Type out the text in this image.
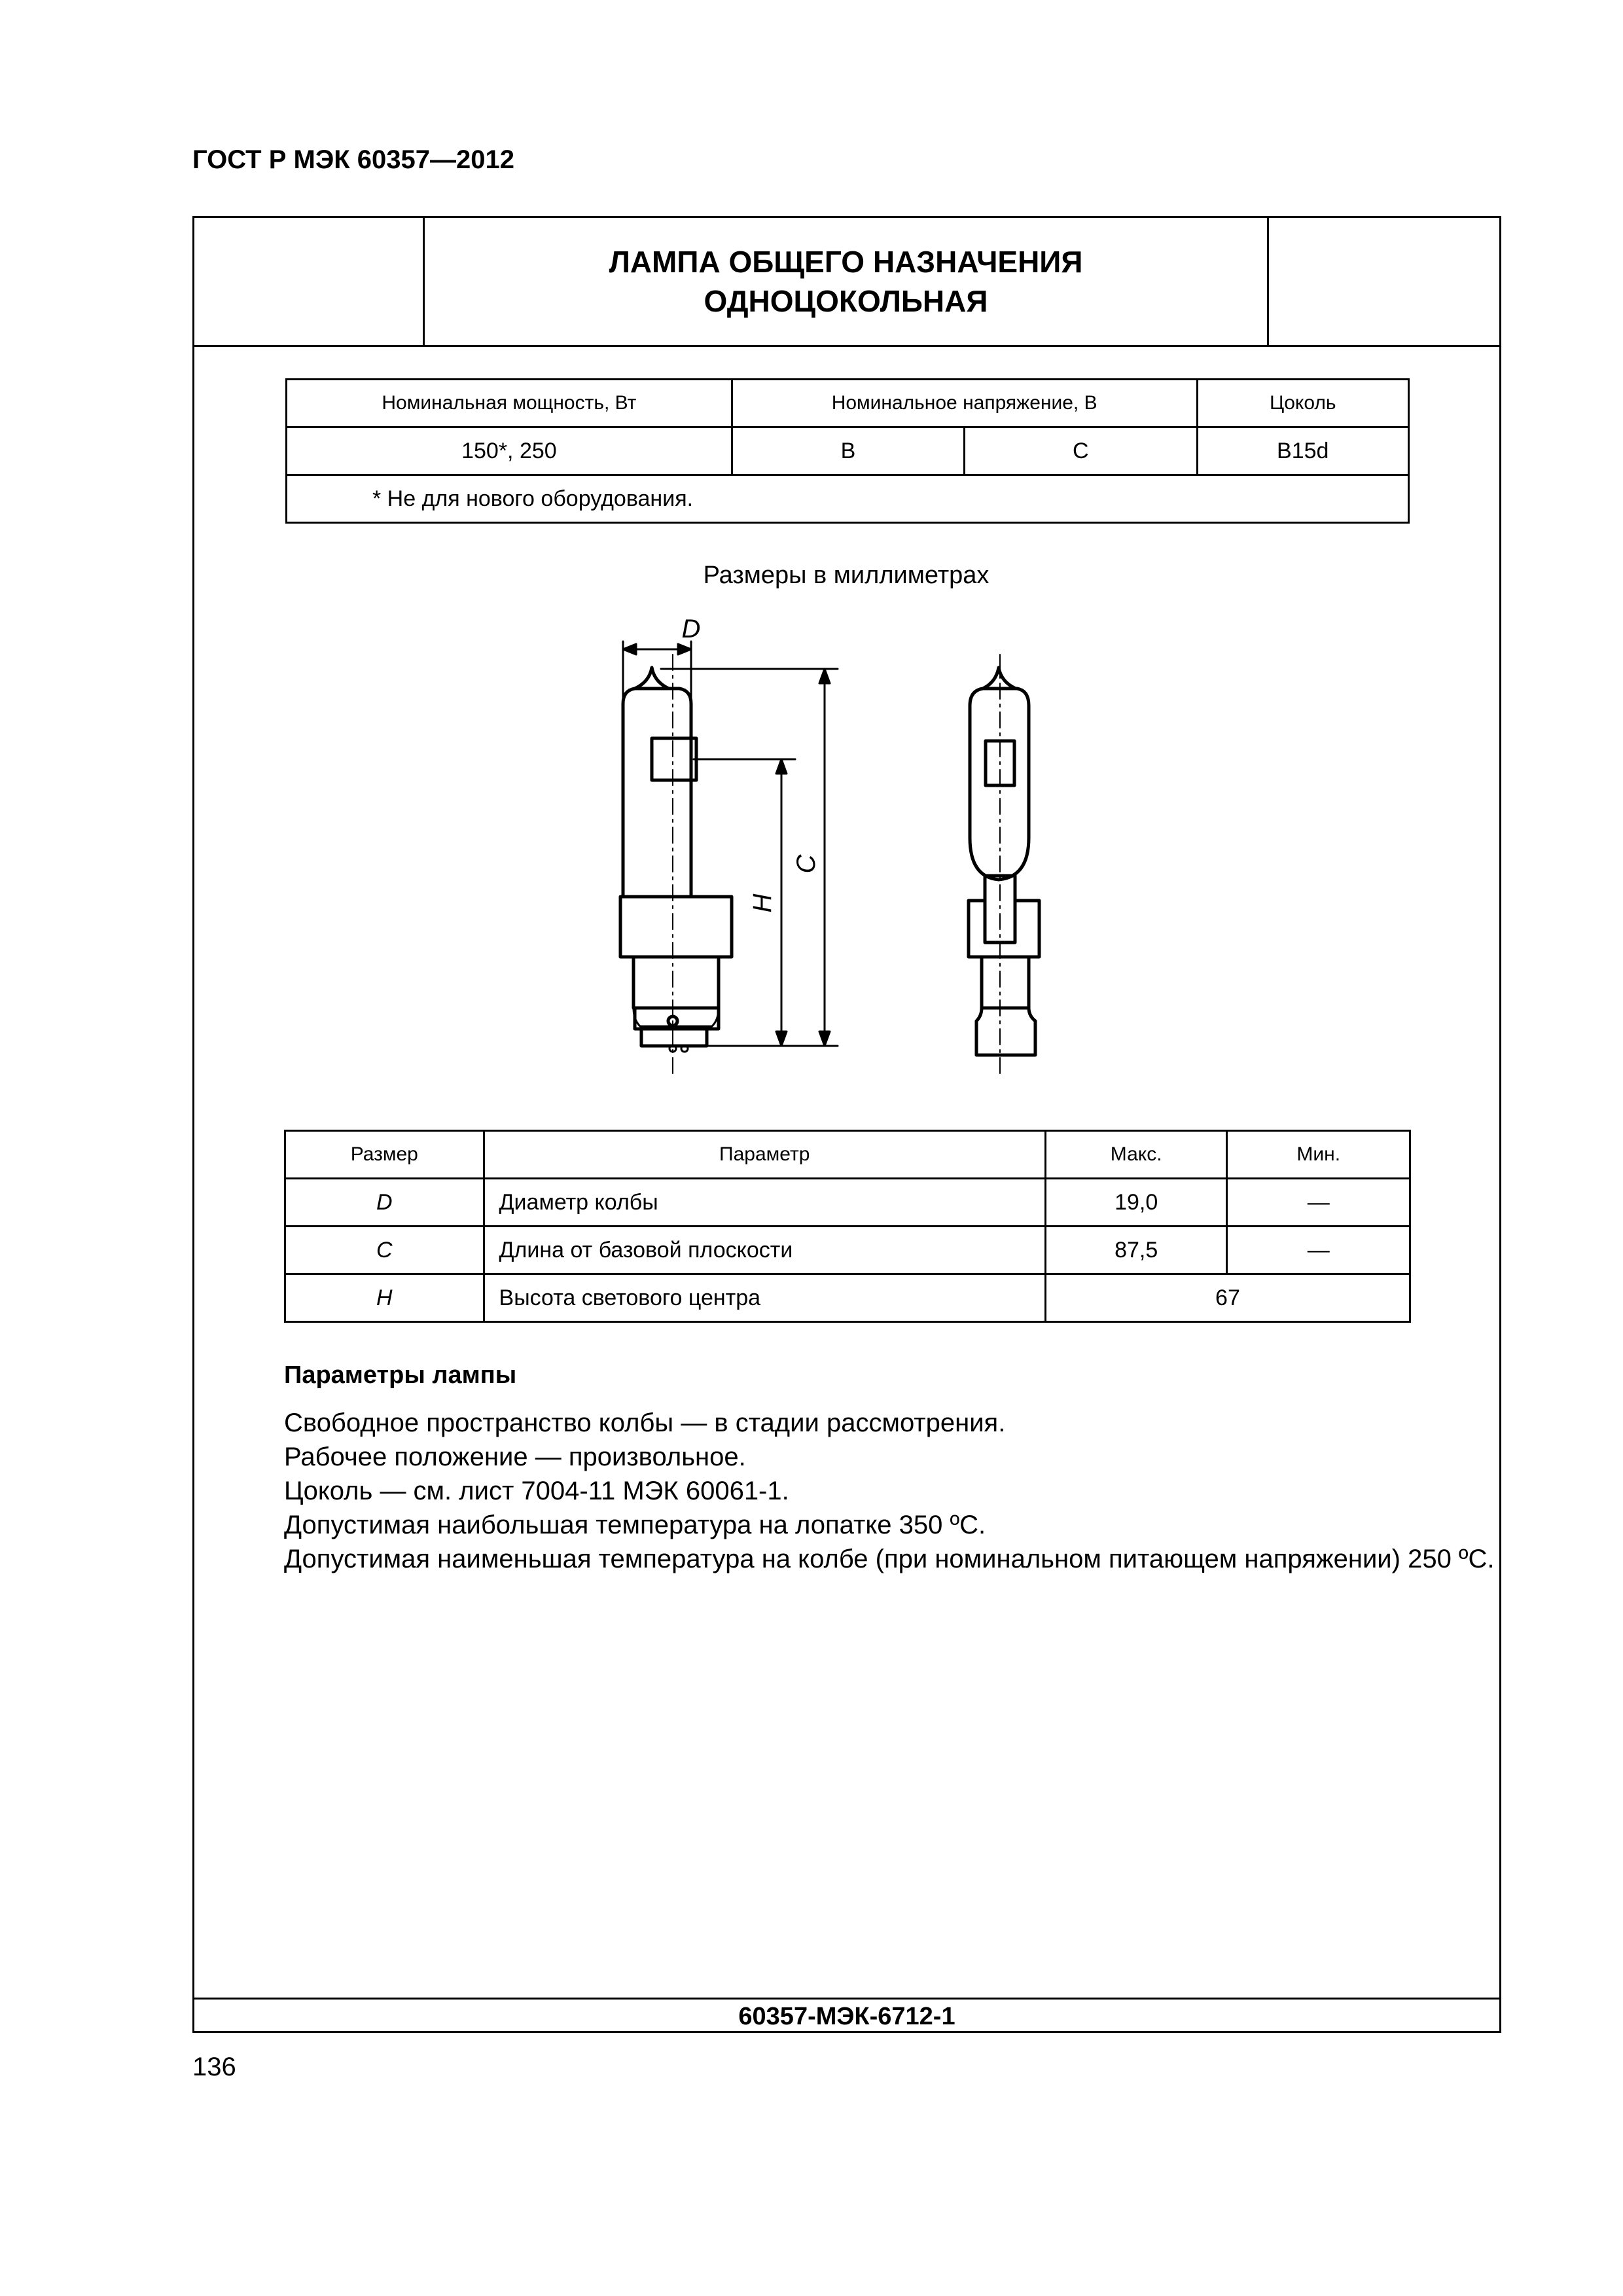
ГОСТ Р МЭК 60357—2012
ЛАМПА ОБЩЕГО НАЗНАЧЕНИЯ
ОДНОЦОКОЛЬНАЯ
Номинальная мощность, Вт	Номинальное напряжение, В		Цоколь
150*, 250	B	C	B15d
* Не для нового оборудования.			
Размеры в миллиметрах
D
C
H
Размер	Параметр	Макс.	Мин.
D	Диаметр колбы	19,0	—
C	Длина от базовой плоскости	87,5	—
H	Высота светового центра	67	
Параметры лампы
Свободное пространство колбы — в стадии рассмотрения.
Рабочее положение — произвольное.
Цоколь — см. лист 7004-11 МЭК 60061-1.
Допустимая наибольшая температура на лопатке 350 ºC.
Допустимая наименьшая температура на колбе (при номинальном питающем напряжении) 250 ºC.
60357-МЭК-6712-1
136
